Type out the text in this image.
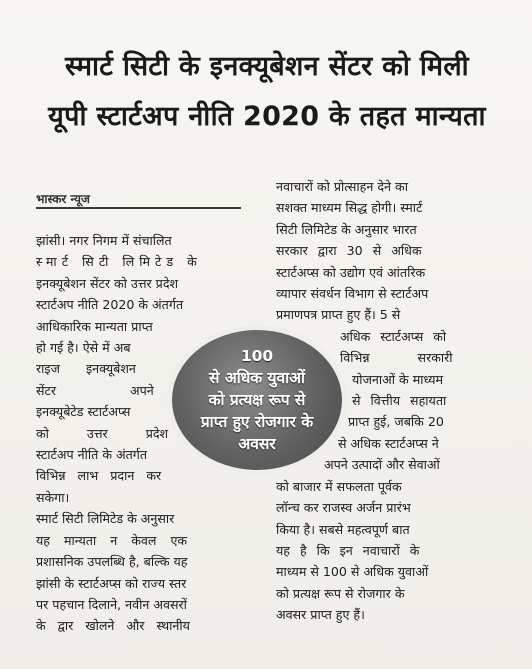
स्मार्ट सिटी के इनक्यूबेशन सेंटर को मिली
यूपी स्टार्टअप नीति 2020 के तहत मान्यता
भास्कर न्यूज

झांसी। नगर निगम में संचालित

स्मार्ट सिटी लिमिटेड के

इनक्यूबेशन सेंटर को उत्तर प्रदेश

स्टार्टअप नीति 2020 के अंतर्गत

आधिकारिक मान्यता प्राप्त

हो गई है। ऐसे में अब

राइज इनक्यूबेशन

सेंटर अपने

इनक्यूबेटेड स्टार्टअप्स

को उत्तर प्रदेश

स्टार्टअप नीति के अंतर्गत

विभिन्न लाभ प्रदान कर

सकेगा।

स्मार्ट सिटी लिमिटेड के अनुसार

यह मान्यता न केवल एक

प्रशासनिक उपलब्धि है, बल्कि यह

झांसी के स्टार्टअप्स को राज्य स्तर

पर पहचान दिलाने, नवीन अवसरों

के द्वार खोलने और स्थानीय

नवाचारों को प्रोत्साहन देने का

सशक्त माध्यम सिद्ध होगी। स्मार्ट

सिटी लिमिटेड के अनुसार भारत

सरकार द्वारा 30 से अधिक

स्टार्टअप्स को उद्योग एवं आंतरिक

व्यापार संवर्धन विभाग से स्टार्टअप

प्रमाणपत्र प्राप्त हुए हैं। 5 से

अधिक स्टार्टअप्स को

विभिन्न सरकारी

योजनाओं के माध्यम

से वित्तीय सहायता

प्राप्त हुई, जबकि 20

से अधिक स्टार्टअप्स ने

अपने उत्पादों और सेवाओं

को बाजार में सफलता पूर्वक

लॉन्च कर राजस्व अर्जन प्रारंभ

किया है। सबसे महत्वपूर्ण बात

यह है कि इन नवाचारों के

माध्यम से 100 से अधिक युवाओं

को प्रत्यक्ष रूप से रोजगार के

अवसर प्राप्त हुए हैं।

100
से अधिक युवाओं
को प्रत्यक्ष रूप से
प्राप्त हुए रोजगार के
अवसर
